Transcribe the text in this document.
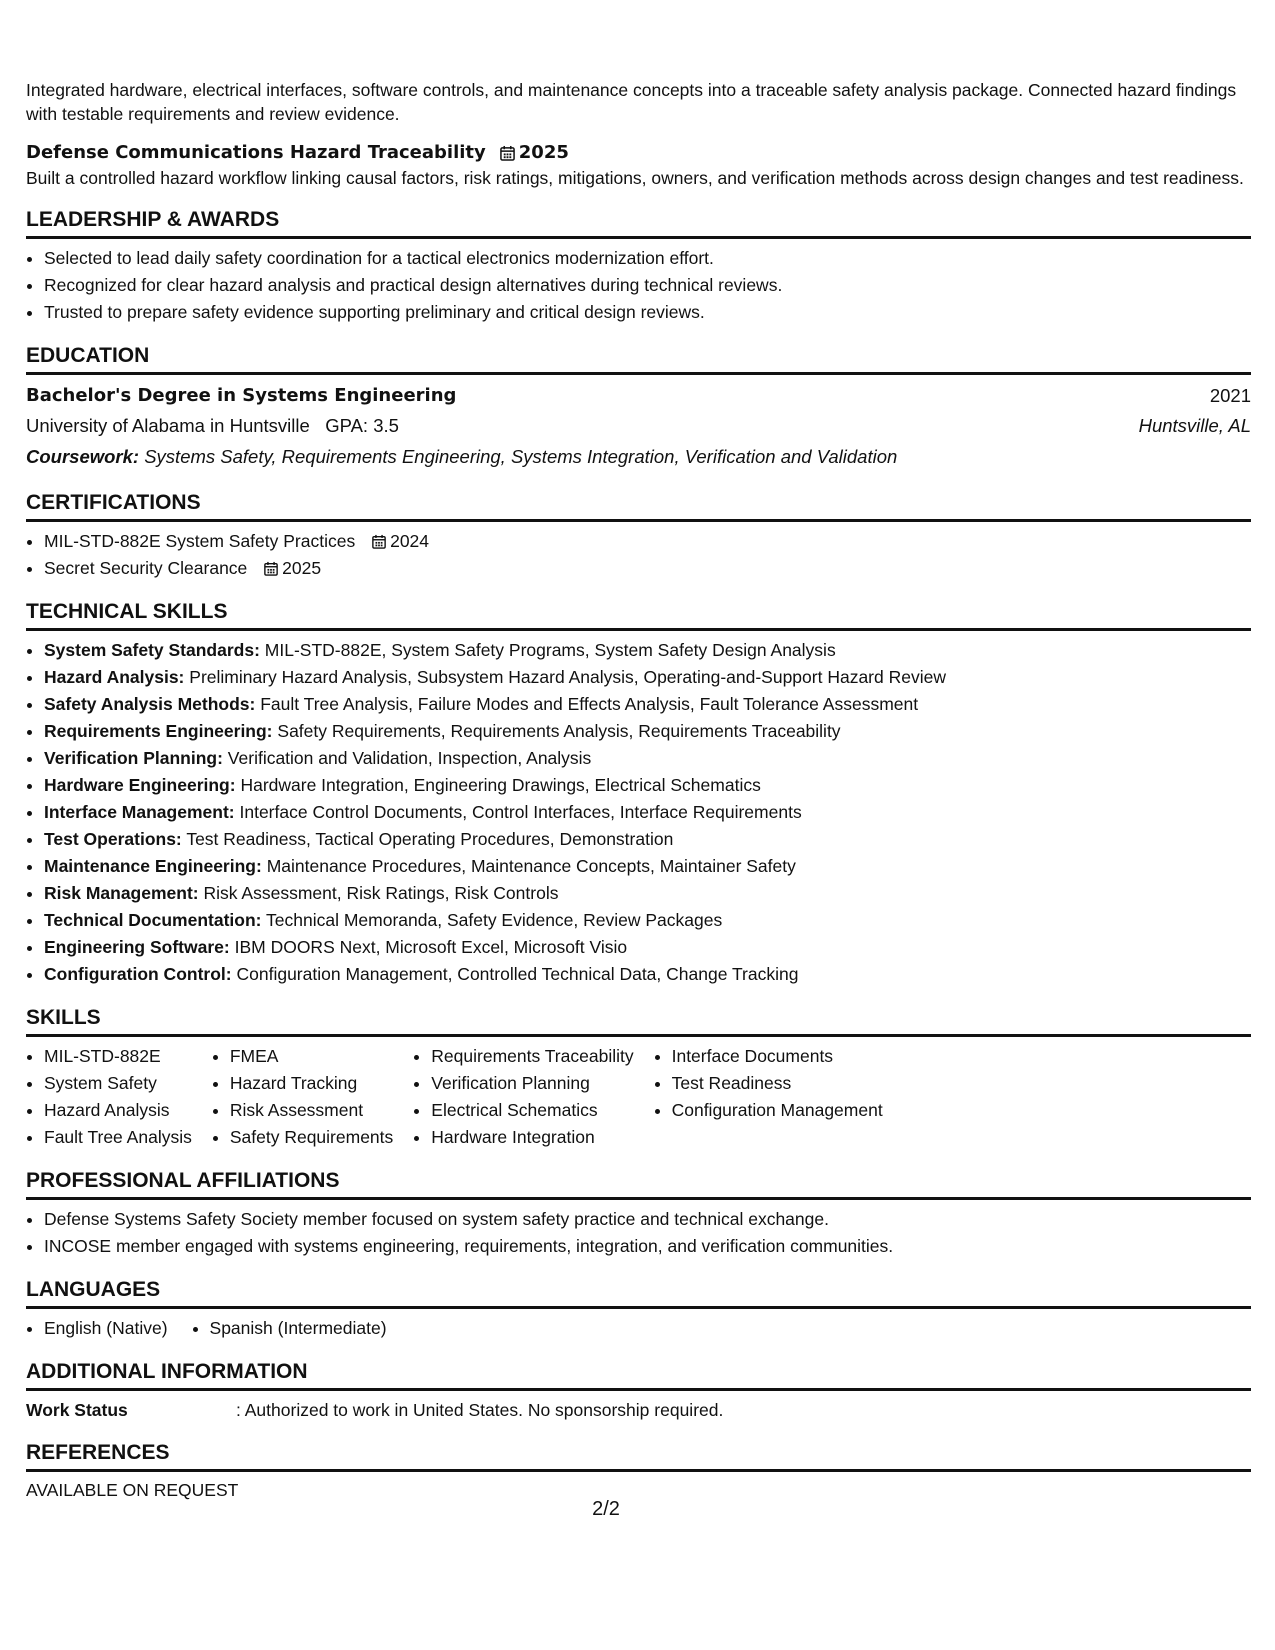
Integrated hardware, electrical interfaces, software controls, and maintenance concepts into a traceable safety analysis package. Connected hazard findings with testable requirements and review evidence.

Defense Communications Hazard Traceability 2025

Built a controlled hazard workflow linking causal factors, risk ratings, mitigations, owners, and verification methods across design changes and test readiness.

LEADERSHIP & AWARDS
• Selected to lead daily safety coordination for a tactical electronics modernization effort.
• Recognized for clear hazard analysis and practical design alternatives during technical reviews.
• Trusted to prepare safety evidence supporting preliminary and critical design reviews.
EDUCATION
Bachelor's Degree in Systems Engineering	2021
University of Alabama in Huntsville GPA: 3.5	Huntsville, AL
Coursework: Systems Safety, Requirements Engineering, Systems Integration, Verification and Validation
CERTIFICATIONS
• MIL-STD-882E System Safety Practices 2024
• Secret Security Clearance 2025
TECHNICAL SKILLS
• System Safety Standards: MIL-STD-882E, System Safety Programs, System Safety Design Analysis
• Hazard Analysis: Preliminary Hazard Analysis, Subsystem Hazard Analysis, Operating-and-Support Hazard Review
• Safety Analysis Methods: Fault Tree Analysis, Failure Modes and Effects Analysis, Fault Tolerance Assessment
• Requirements Engineering: Safety Requirements, Requirements Analysis, Requirements Traceability
• Verification Planning: Verification and Validation, Inspection, Analysis
• Hardware Engineering: Hardware Integration, Engineering Drawings, Electrical Schematics
• Interface Management: Interface Control Documents, Control Interfaces, Interface Requirements
• Test Operations: Test Readiness, Tactical Operating Procedures, Demonstration
• Maintenance Engineering: Maintenance Procedures, Maintenance Concepts, Maintainer Safety
• Risk Management: Risk Assessment, Risk Ratings, Risk Controls
• Technical Documentation: Technical Memoranda, Safety Evidence, Review Packages
• Engineering Software: IBM DOORS Next, Microsoft Excel, Microsoft Visio
• Configuration Control: Configuration Management, Controlled Technical Data, Change Tracking
SKILLS
• MIL-STD-882E
• System Safety
• Hazard Analysis
• Fault Tree Analysis
• FMEA
• Hazard Tracking
• Risk Assessment
• Safety Requirements
• Requirements Traceability
• Verification Planning
• Electrical Schematics
• Hardware Integration
• Interface Documents
• Test Readiness
• Configuration Management
PROFESSIONAL AFFILIATIONS
• Defense Systems Safety Society member focused on system safety practice and technical exchange.
• INCOSE member engaged with systems engineering, requirements, integration, and verification communities.
LANGUAGES
• English (Native)
• Spanish (Intermediate)
ADDITIONAL INFORMATION
Work Status	: Authorized to work in United States. No sponsorship required.
REFERENCES

AVAILABLE ON REQUEST

2/2
